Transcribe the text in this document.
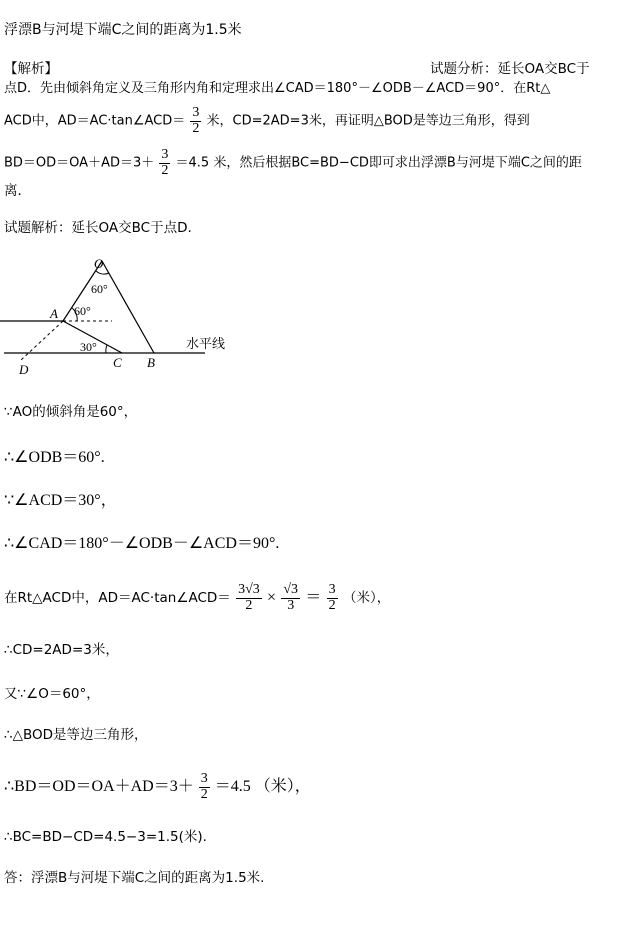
浮漂B与河堤下端C之间的距离为1.5米
【解析】	试题分析：延长OA交BC于
点D．先由倾斜角定义及三角形内角和定理求出∠CAD＝180°－∠ODB－∠ACD＝90°．在Rt△
ACD中，AD＝AC·tan∠ACD＝ $\frac{3}{2}$ 米，CD=2AD=3米，再证明△BOD是等边三角形，得到
$BD=OD=OA+AD=3+ \frac{3}{2} =4.5$ 米，然后根据BC=BD−CD即可求出浮漂B与河堤下端C之间的距
离．
试题解析：延长OA交BC于点D.
O
A
B
C
D
60°
60°
30°	水平线
∵AO的倾斜角是60°，
∴∠ODB＝60°.
∵∠ACD＝30°，
∴∠CAD＝180°－∠ODB－∠ACD＝90°.
在Rt△ACD中，AD＝AC·tan∠ACD＝ $\frac{3√3}{2} \times \frac{√3}{3} = \frac{3}{2}$ （米），
∴CD=2AD=3米，
又∵∠O＝60°，
∴△BOD是等边三角形，
∴BD＝OD＝OA＋AD＝3＋ $\frac{3}{2} =4.5$ （米），
∴BC=BD−CD=4.5−3=1.5(米).
答：浮漂B与河堤下端C之间的距离为1.5米.
